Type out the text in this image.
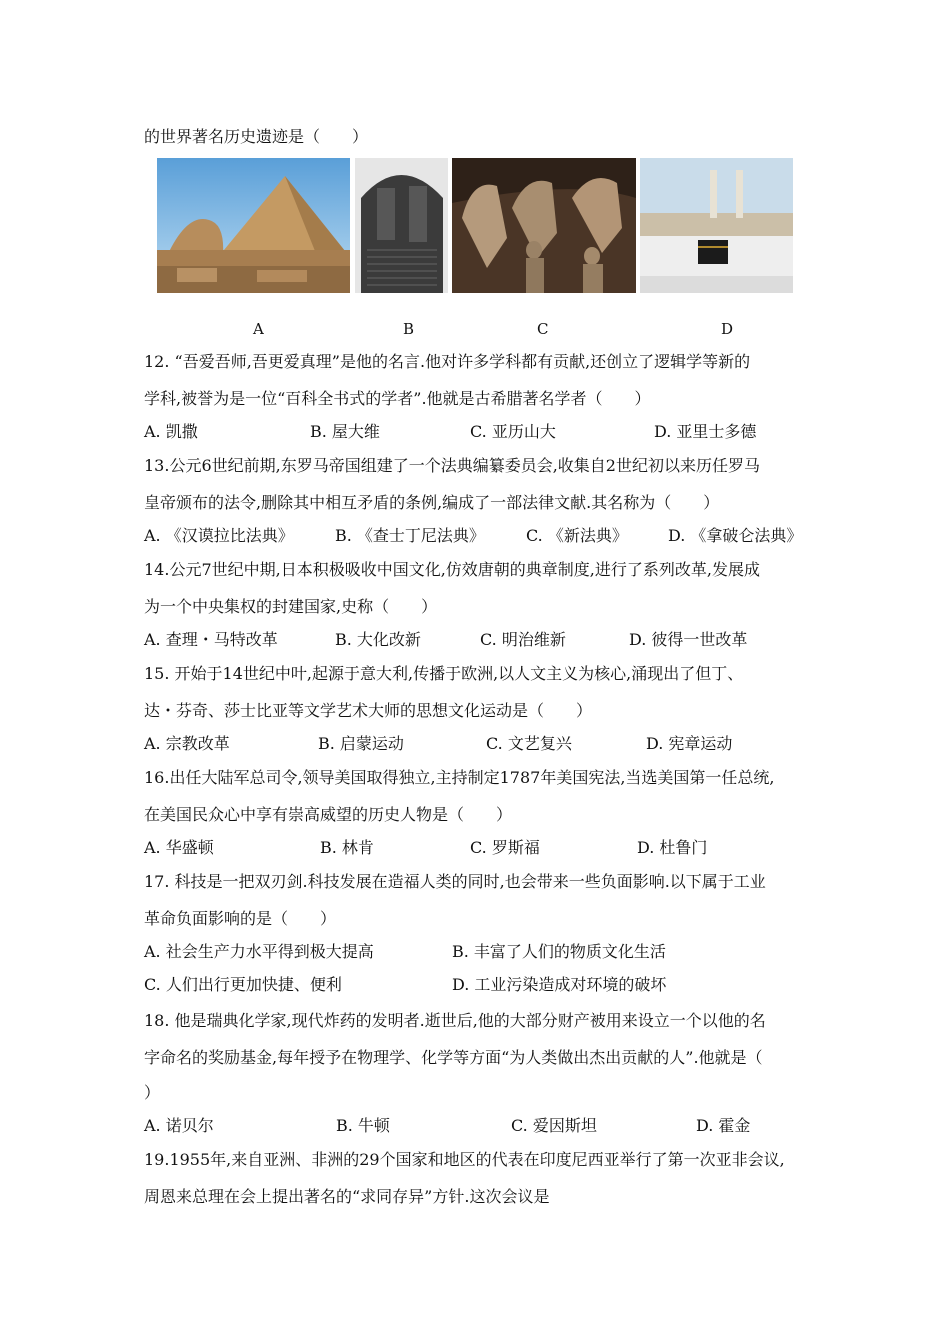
的世界著名历史遗迹是（　　）
A	B	C	D
12. “吾爱吾师,吾更爱真理”是他的名言.他对许多学科都有贡献,还创立了逻辑学等新的
学科,被誉为是一位“百科全书式的学者”.他就是古希腊著名学者（　　）
A. 凯撒	B. 屋大维	C. 亚历山大	D. 亚里士多德
13.公元6世纪前期,东罗马帝国组建了一个法典编纂委员会,收集自2世纪初以来历任罗马
皇帝颁布的法令,删除其中相互矛盾的条例,编成了一部法律文献.其名称为（　　）
A. 《汉谟拉比法典》	B. 《查士丁尼法典》	C. 《新法典》	D. 《拿破仑法典》
14.公元7世纪中期,日本积极吸收中国文化,仿效唐朝的典章制度,进行了系列改革,发展成
为一个中央集权的封建国家,史称（　　）
A. 查理・马特改革	B. 大化改新	C. 明治维新	D. 彼得一世改革
15. 开始于14世纪中叶,起源于意大利,传播于欧洲,以人文主义为核心,涌现出了但丁、
达・芬奇、莎士比亚等文学艺术大师的思想文化运动是（　　）
A. 宗教改革	B. 启蒙运动	C. 文艺复兴	D. 宪章运动
16.出任大陆军总司令,领导美国取得独立,主持制定1787年美国宪法,当选美国第一任总统,
在美国民众心中享有崇高威望的历史人物是（　　）
A. 华盛顿	B. 林肯	C. 罗斯福	D. 杜鲁门
17. 科技是一把双刃剑.科技发展在造福人类的同时,也会带来一些负面影响.以下属于工业
革命负面影响的是（　　）
A. 社会生产力水平得到极大提高	B. 丰富了人们的物质文化生活
C. 人们出行更加快捷、便利	D. 工业污染造成对环境的破坏
18. 他是瑞典化学家,现代炸药的发明者.逝世后,他的大部分财产被用来设立一个以他的名
字命名的奖励基金,每年授予在物理学、化学等方面“为人类做出杰出贡献的人”.他就是（
）
A. 诺贝尔	B. 牛顿	C. 爱因斯坦	D. 霍金
19.1955年,来自亚洲、非洲的29个国家和地区的代表在印度尼西亚举行了第一次亚非会议,
周恩来总理在会上提出著名的“求同存异”方针.这次会议是
